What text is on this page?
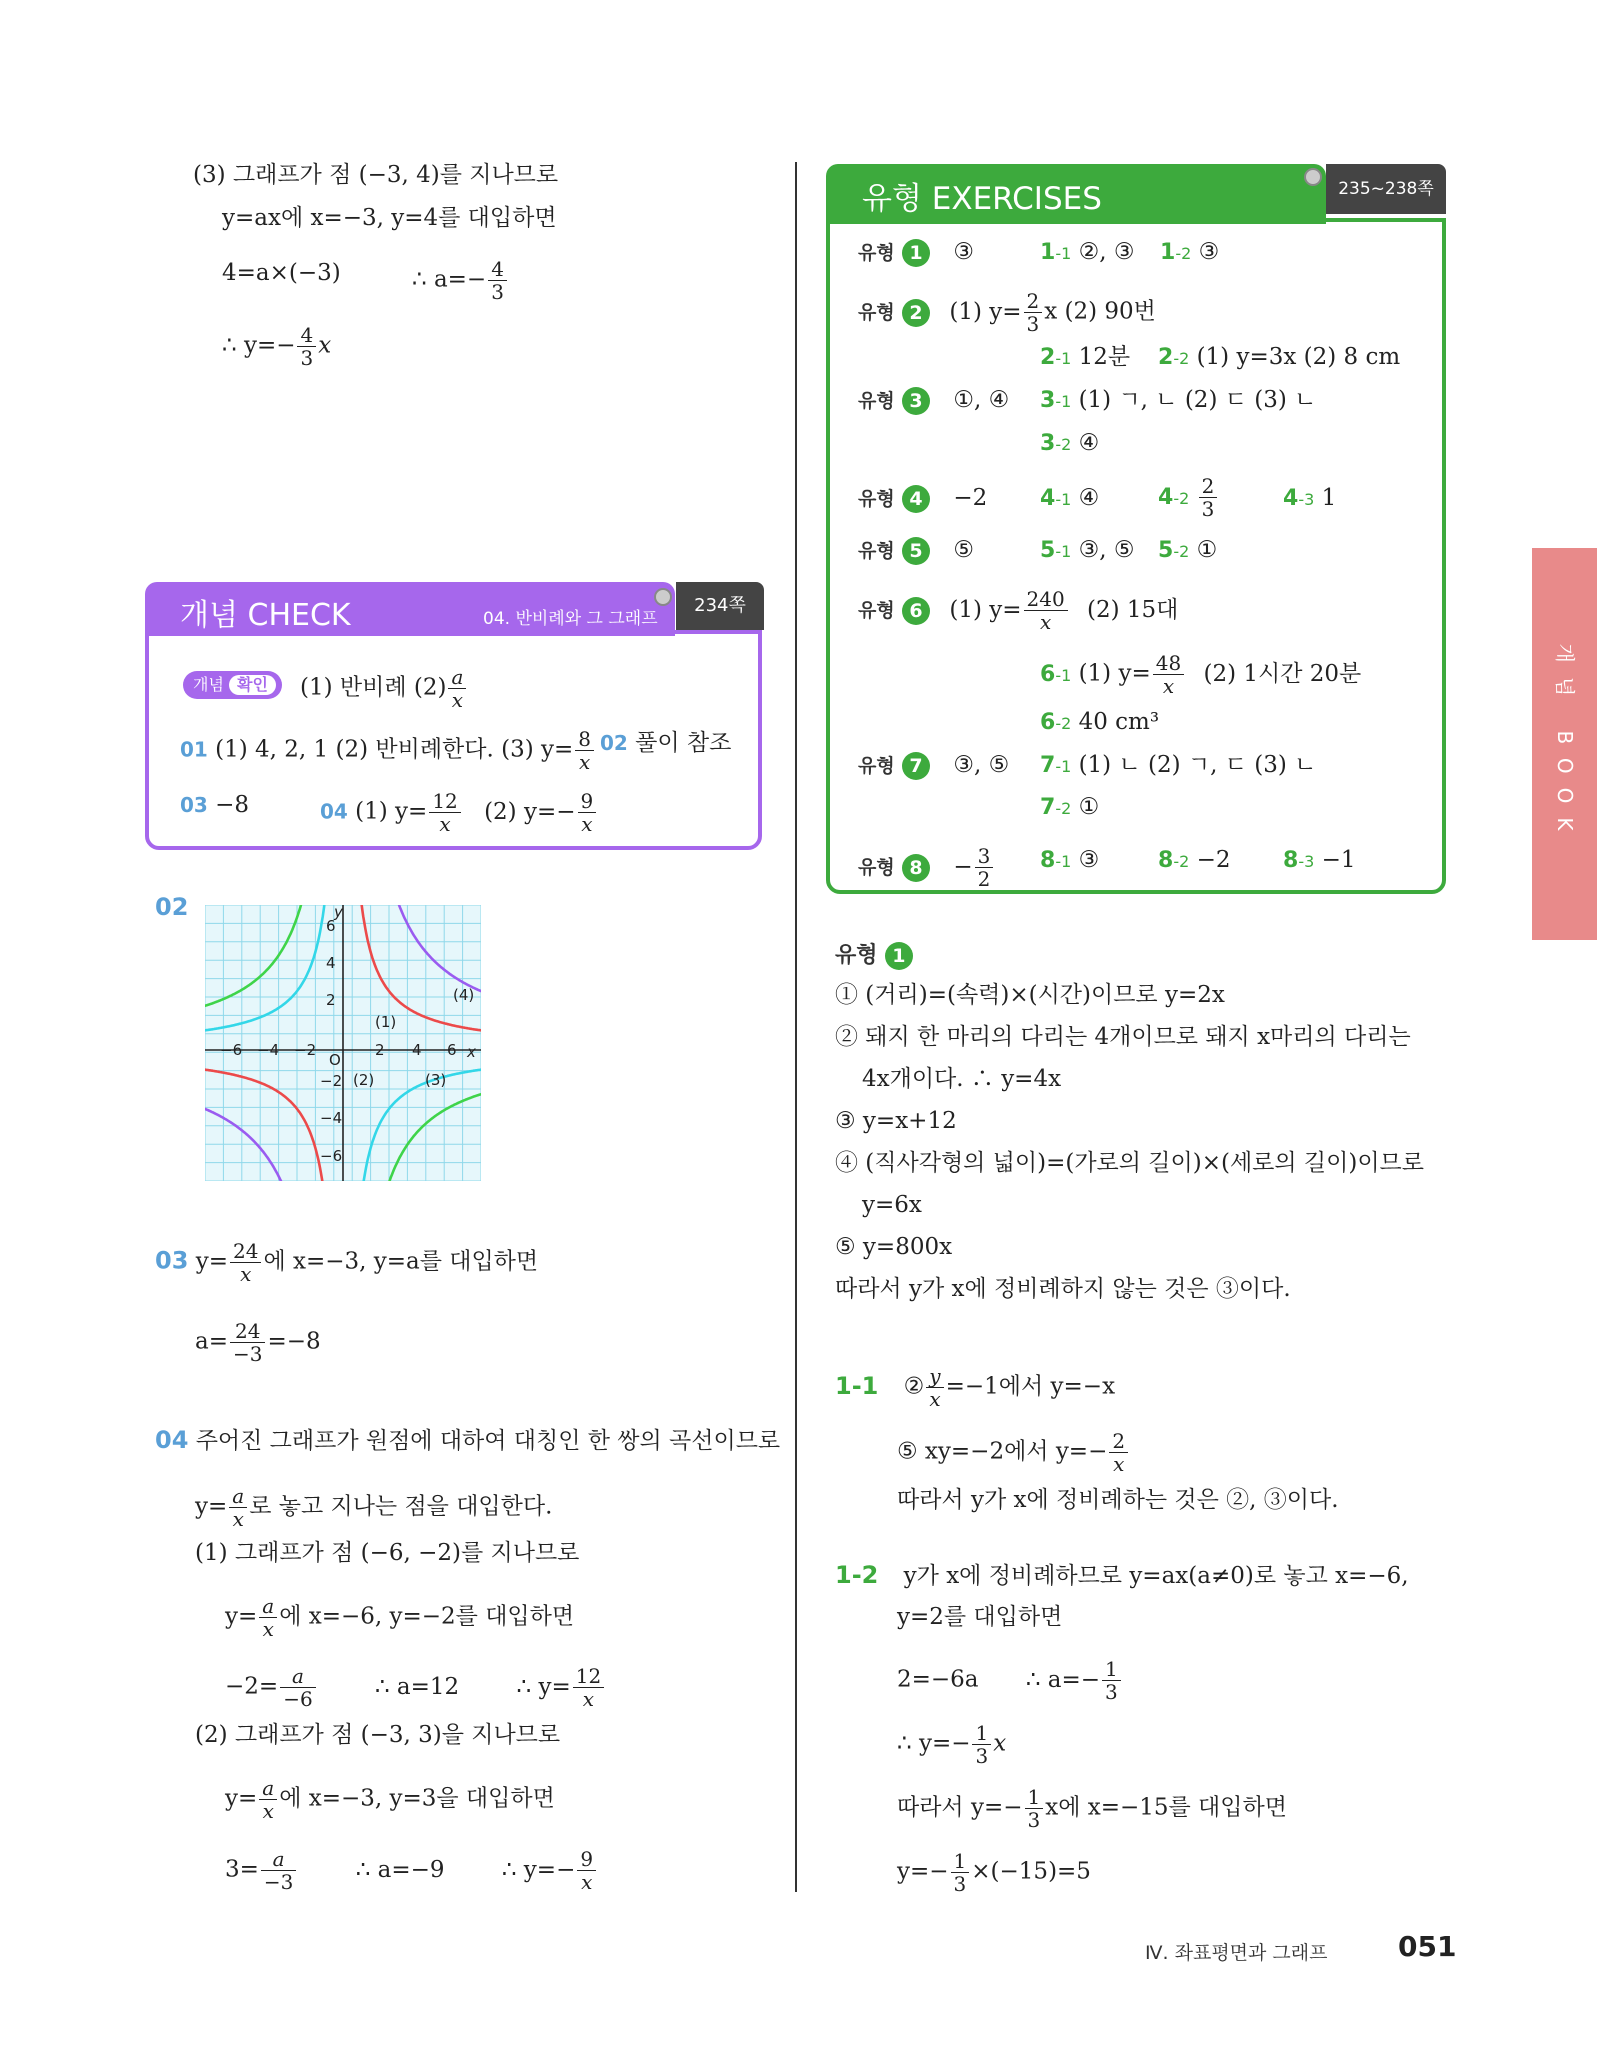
(3) 그래프가 점 (−3, 4)를 지나므로
y=ax에 x=−3, y=4를 대입하면
4=a×(−3)	∴ $a=- \frac{4}{3}$
∴ $y=- \frac{4}{3}$ x
개념 CHECK	04. 반비례와 그 그래프
234쪽
개념 확인	(1) 반비례 $(2) \frac{a}{x}$
01 (1) 4, 2, 1 (2) 반비례한다. (3) $y= \frac{8}{x} 02$ 풀이 참조
03 −8	04 (1) $y= \frac{12}{x} (2)$ $y=- \frac{9}{x}$
02
x
y
O
−6 −4 −2	2 4 6
6
4
2
−2
−4
−6
(1)
(2)	(3)
(4)
03 $y= \frac{24}{x}$ 에 x=−3, y=a를 대입하면
$a= \frac{24}{-3} =-8$
04 주어진 그래프가 원점에 대하여 대칭인 한 쌍의 곡선이므로
$y= \frac{a}{x}$ 로 놓고 지나는 점을 대입한다.
(1) 그래프가 점 (−6, −2)를 지나므로
$y= \frac{a}{x}$ 에 x=−6, y=−2를 대입하면
$-2= \frac{a}{-6}$	∴ a=12 ∴ $y= \frac{12}{x}$
(2) 그래프가 점 (−3, 3)을 지나므로
$y= \frac{a}{x}$ 에 x=−3, y=3을 대입하면
$3= \frac{a}{-3}$	∴ a=−9 ∴ $y=- \frac{9}{x}$
유형 EXERCISES	235~238쪽
유형 1 ③	1-1 ②, ③ 1-2 ③
유형 2 (1) $y= \frac{2}{3}$ x (2) 90번
2-1 12분 2-2 (1) y=3x (2) 8 cm
유형 3 ①, ④ 3-1 (1) ㄱ, ㄴ (2) ㄷ (3) ㄴ
3-2 ④
유형 4 −2 4-1 ④	$4-2 \frac{2}{3}$	4-3 1
유형 5 ⑤	5-1 ③, ⑤ 5-2 ①
유형 6 (1) $y= \frac{240}{x} (2)$ 15대
6-1 (1) $y= \frac{48}{x} (2)$ 1시간 20분
6-2 40 cm³
유형 7 ③, ⑤ 7-1 (1) ㄴ (2) ㄱ, ㄷ (3) ㄴ
7-2 ①
유형 $8 - \frac{3}{2} 8-1$ ③	8-2 −2 8-3 −1
유형 1
① (거리)=(속력)×(시간)이므로 y=2x
② 돼지 한 마리의 다리는 4개이므로 돼지 x마리의 다리는
4x개이다. ∴ y=4x
③ y=x+12
④ (직사각형의 넓이)=(가로의 길이)×(세로의 길이)이므로
y=6x
⑤ y=800x
따라서 y가 x에 정비례하지 않는 것은 ③이다.
1-1 ② $\frac{y}{x} =-1$에서 y=−x
⑤ xy=−2에서 $y=- \frac{2}{x}$
따라서 y가 x에 정비례하는 것은 ②, ③이다.
1-2 y가 x에 정비례하므로 y=ax(a≠0)로 놓고 x=−6,
y=2를 대입하면
2=−6a ∴ $a=- \frac{1}{3}$
∴ $y=- \frac{1}{3}$ x
따라서 $y=- \frac{1}{3}$ x에 x=−15를 대입하면
$y=- \frac{1}{3} \times(-15)=5$
개념 BOOK
Ⅳ. 좌표평면과 그래프	051
